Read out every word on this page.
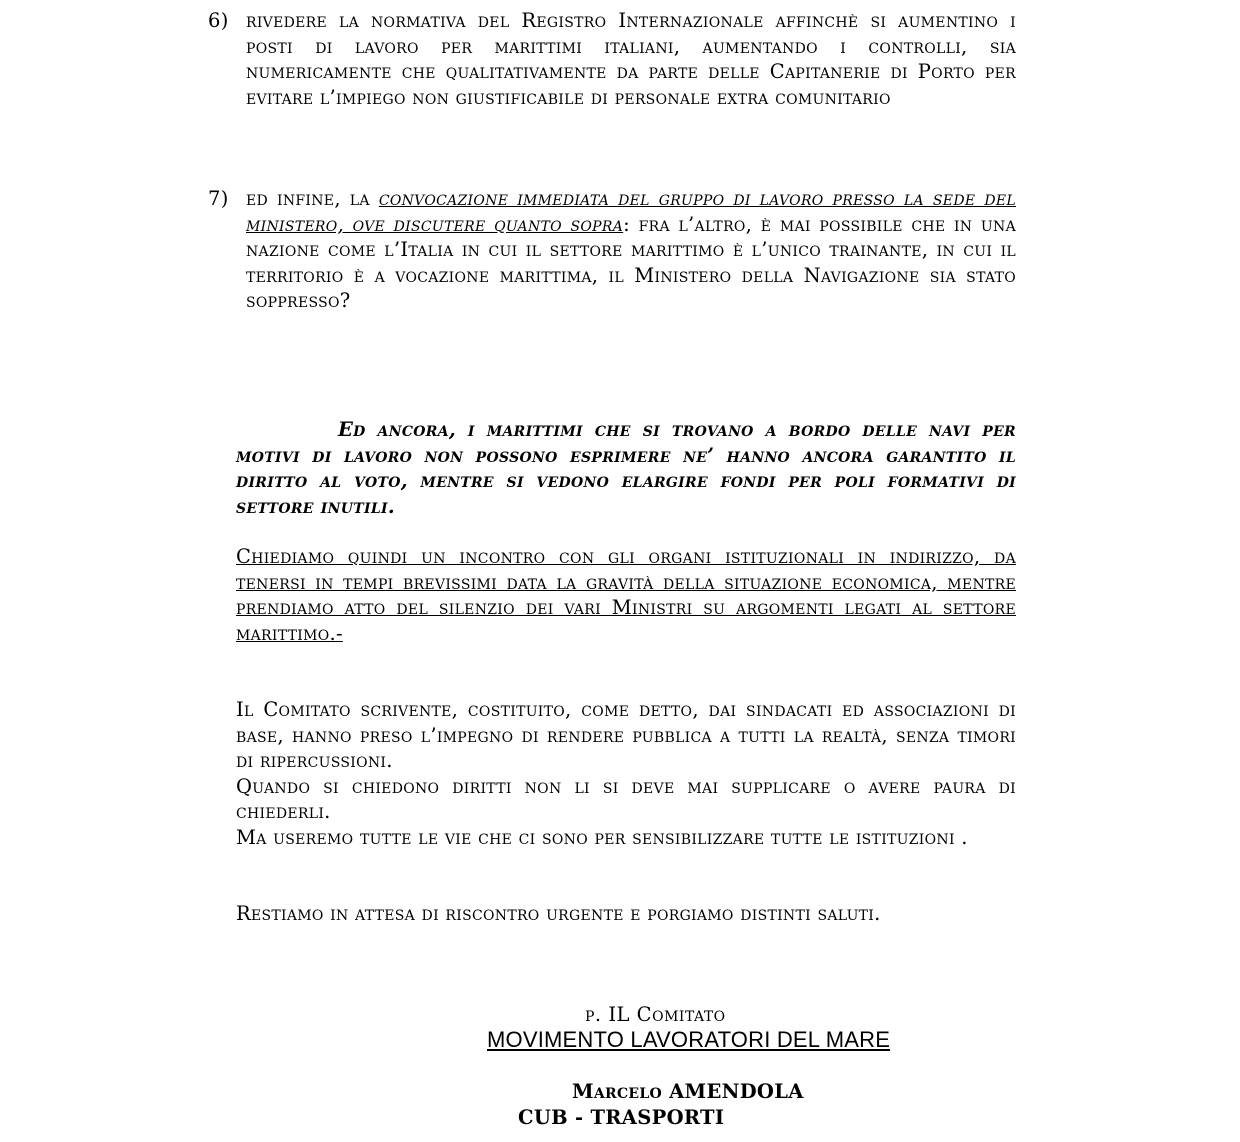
6) rivedere la normativa del Registro Internazionale affinchè si aumentino i posti di lavoro per marittimi italiani, aumentando i controlli, sia numericamente che qualitativamente da parte delle Capitanerie di Porto per evitare l’impiego non giustificabile di personale extra comunitario
7) ed infine, la convocazione immediata del gruppo di lavoro presso la sede del ministero, ove discutere quanto sopra: fra l’altro, è mai possibile che in una nazione come l’Italia in cui il settore marittimo è l’unico trainante, in cui il territorio è a vocazione marittima, il Ministero della Navigazione sia stato soppresso?
Ed ancora, i marittimi che si trovano a bordo delle navi per motivi di lavoro non possono esprimere ne’ hanno ancora garantito il diritto al voto, mentre si vedono elargire fondi per poli formativi di settore inutili.
Chiediamo quindi un incontro con gli organi istituzionali in indirizzo, da tenersi in tempi brevissimi data la gravità della situazione economica, mentre prendiamo atto del silenzio dei vari Ministri su argomenti legati al settore marittimo.-
Il Comitato scrivente, costituito, come detto, dai sindacati ed associazioni di base, hanno preso l’impegno di rendere pubblica a tutti la realtà, senza timori di ripercussioni.
Quando si chiedono diritti non li si deve mai supplicare o avere paura di chiederli.
Ma useremo tutte le vie che ci sono per sensibilizzare tutte le istituzioni .
Restiamo in attesa di riscontro urgente e porgiamo distinti saluti.
p. IL Comitato
MOVIMENTO LAVORATORI DEL MARE
Marcelo AMENDOLA
CUB - TRASPORTI
